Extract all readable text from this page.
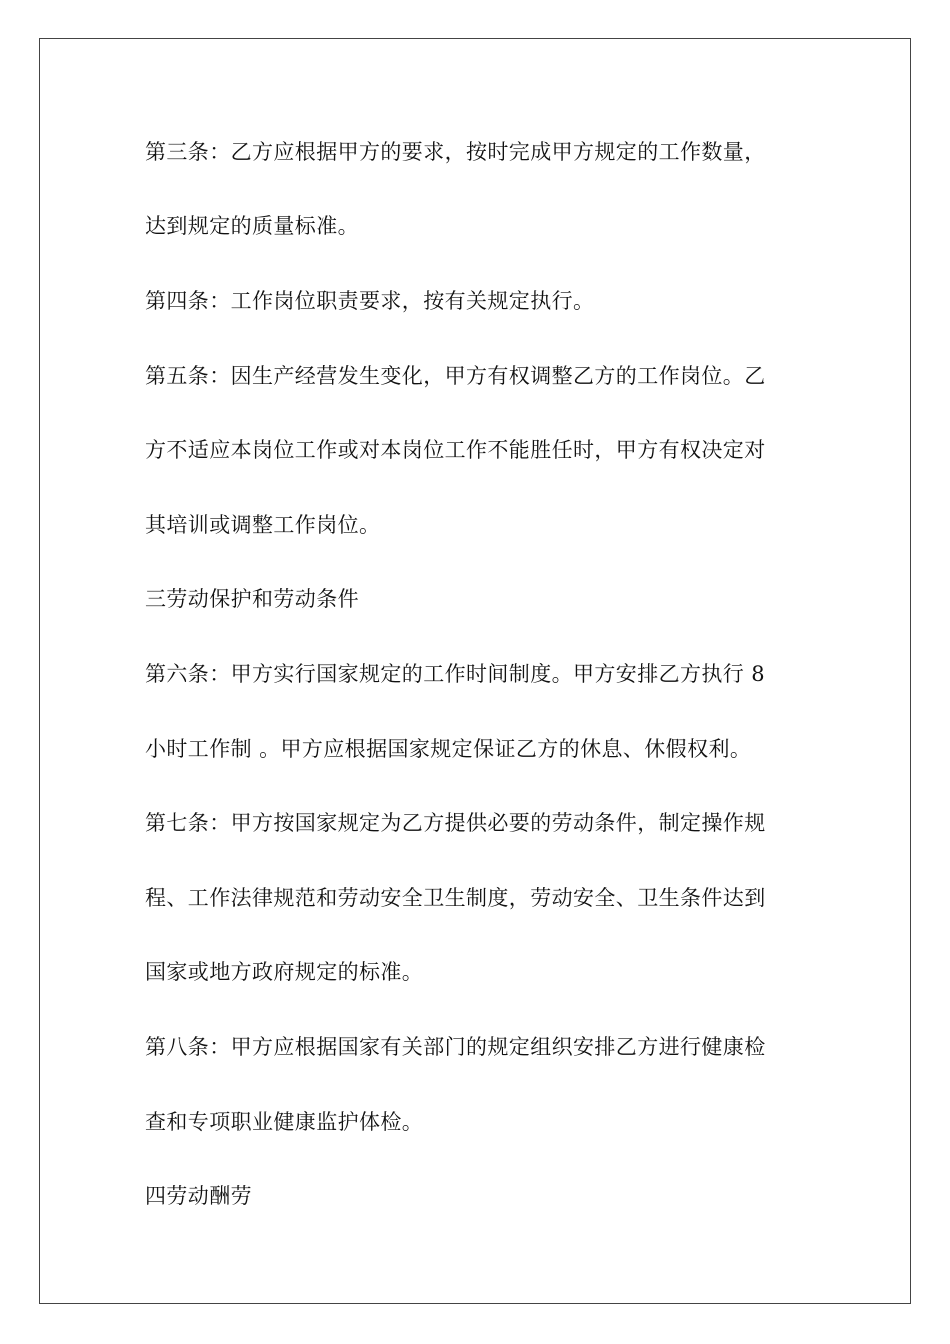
第三条：乙方应根据甲方的要求，按时完成甲方规定的工作数量，
达到规定的质量标准。
第四条：工作岗位职责要求，按有关规定执行。
第五条：因生产经营发生变化，甲方有权调整乙方的工作岗位。乙
方不适应本岗位工作或对本岗位工作不能胜任时，甲方有权决定对
其培训或调整工作岗位。
三劳动保护和劳动条件
第六条：甲方实行国家规定的工作时间制度。甲方安排乙方执行 8
小时工作制 。甲方应根据国家规定保证乙方的休息、休假权利。
第七条：甲方按国家规定为乙方提供必要的劳动条件，制定操作规
程、工作法律规范和劳动安全卫生制度，劳动安全、卫生条件达到
国家或地方政府规定的标准。
第八条：甲方应根据国家有关部门的规定组织安排乙方进行健康检
查和专项职业健康监护体检。
四劳动酬劳
